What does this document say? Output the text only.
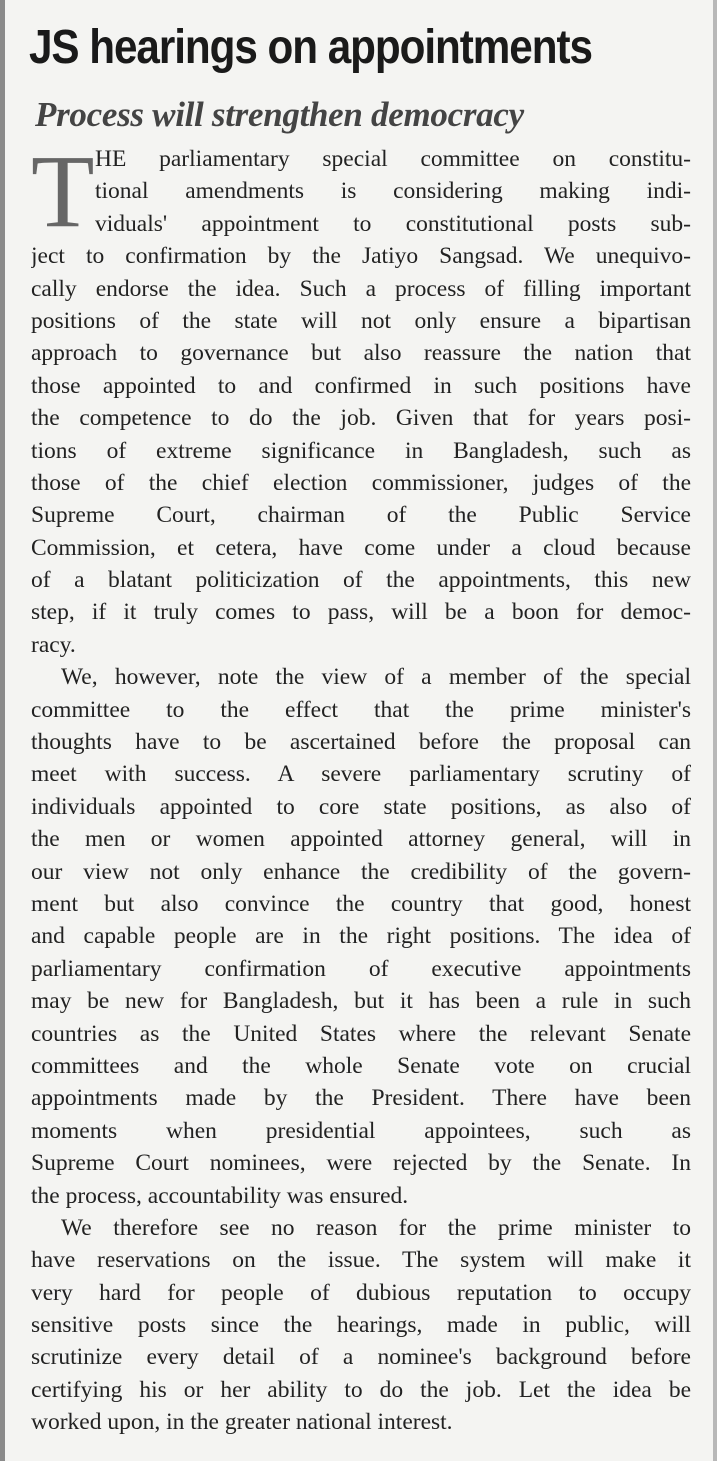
JS hearings on appointments
Process will strengthen democracy
T HE parliamentary special committee on constitu-
tional amendments is considering making indi-
viduals' appointment to constitutional posts sub-
ject to confirmation by the Jatiyo Sangsad. We unequivo-
cally endorse the idea. Such a process of filling important
positions of the state will not only ensure a bipartisan
approach to governance but also reassure the nation that
those appointed to and confirmed in such positions have
the competence to do the job. Given that for years posi-
tions of extreme significance in Bangladesh, such as
those of the chief election commissioner, judges of the
Supreme Court, chairman of the Public Service
Commission, et cetera, have come under a cloud because
of a blatant politicization of the appointments, this new
step, if it truly comes to pass, will be a boon for democ-
racy.
We, however, note the view of a member of the special
committee to the effect that the prime minister's
thoughts have to be ascertained before the proposal can
meet with success. A severe parliamentary scrutiny of
individuals appointed to core state positions, as also of
the men or women appointed attorney general, will in
our view not only enhance the credibility of the govern-
ment but also convince the country that good, honest
and capable people are in the right positions. The idea of
parliamentary confirmation of executive appointments
may be new for Bangladesh, but it has been a rule in such
countries as the United States where the relevant Senate
committees and the whole Senate vote on crucial
appointments made by the President. There have been
moments when presidential appointees, such as
Supreme Court nominees, were rejected by the Senate. In
the process, accountability was ensured.
We therefore see no reason for the prime minister to
have reservations on the issue. The system will make it
very hard for people of dubious reputation to occupy
sensitive posts since the hearings, made in public, will
scrutinize every detail of a nominee's background before
certifying his or her ability to do the job. Let the idea be
worked upon, in the greater national interest.
